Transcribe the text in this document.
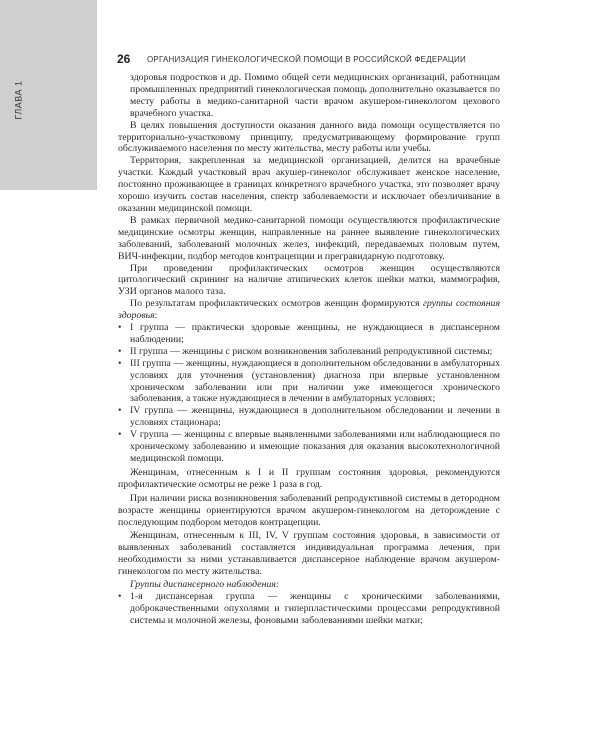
ГЛАВА 1
26 ОРГАНИЗАЦИЯ ГИНЕКОЛОГИЧЕСКОЙ ПОМОЩИ В РОССИЙСКОЙ ФЕДЕРАЦИИ

здоровья подростков и др. Помимо общей сети медицинских организаций, работницам промышленных предприятий гинекологическая помощь дополнительно оказывается по месту работы в медико-санитарной части врачом акушером-гинекологом цехового врачебного участка.

В целях повышения доступности оказания данного вида помощи осуществляется по территориально-участковому принципу, предусматривающему формирование групп обслуживаемого населения по месту жительства, месту работы или учебы.

Территория, закрепленная за медицинской организацией, делится на врачебные участки. Каждый участковый врач акушер-гинеколог обслуживает женское население, постоянно проживающее в границах конкретного врачебного участка, это позволяет врачу хорошо изучить состав населения, спектр заболеваемости и исключает обезличивание в оказании медицинской помощи.

В рамках первичной медико-санитарной помощи осуществляются профилактические медицинские осмотры женщин, направленные на раннее выявление гинекологических заболеваний, заболеваний молочных желез, инфекций, передаваемых половым путем, ВИЧ-инфекции, подбор методов контрацепции и прегравидарную подготовку.

При проведении профилактических осмотров женщин осуществляются цитологический скрининг на наличие атипических клеток шейки матки, маммография, УЗИ органов малого таза.

По результатам профилактических осмотров женщин формируются группы состояния здоровья:

• I группа — практически здоровые женщины, не нуждающиеся в диспансерном наблюдении;
• II группа — женщины с риском возникновения заболеваний репродуктивной системы;
• III группа — женщины, нуждающиеся в дополнительном обследовании в амбулаторных условиях для уточнения (установления) диагноза при впервые установленном хроническом заболевании или при наличии уже имеющегося хронического заболевания, а также нуждающиеся в лечении в амбулаторных условиях;
• IV группа — женщины, нуждающиеся в дополнительном обследовании и лечении в условиях стационара;
• V группа — женщины с впервые выявленными заболеваниями или наблюдающиеся по хроническому заболеванию и имеющие показания для оказания высокотехнологичной медицинской помощи.

Женщинам, отнесенным к I и II группам состояния здоровья, рекомендуются профилактические осмотры не реже 1 раза в год.

При наличии риска возникновения заболеваний репродуктивной системы в детородном возрасте женщины ориентируются врачом акушером-гинекологом на деторождение с последующим подбором методов контрацепции.

Женщинам, отнесенным к III, IV, V группам состояния здоровья, в зависимости от выявленных заболеваний составляется индивидуальная программа лечения, при необходимости за ними устанавливается диспансерное наблюдение врачом акушером-гинекологом по месту жительства.

Группы диспансерного наблюдения:

• 1-я диспансерная группа — женщины с хроническими заболеваниями, доброкачественными опухолями и гиперпластическими процессами репродуктивной системы и молочной железы, фоновыми заболеваниями шейки матки;
